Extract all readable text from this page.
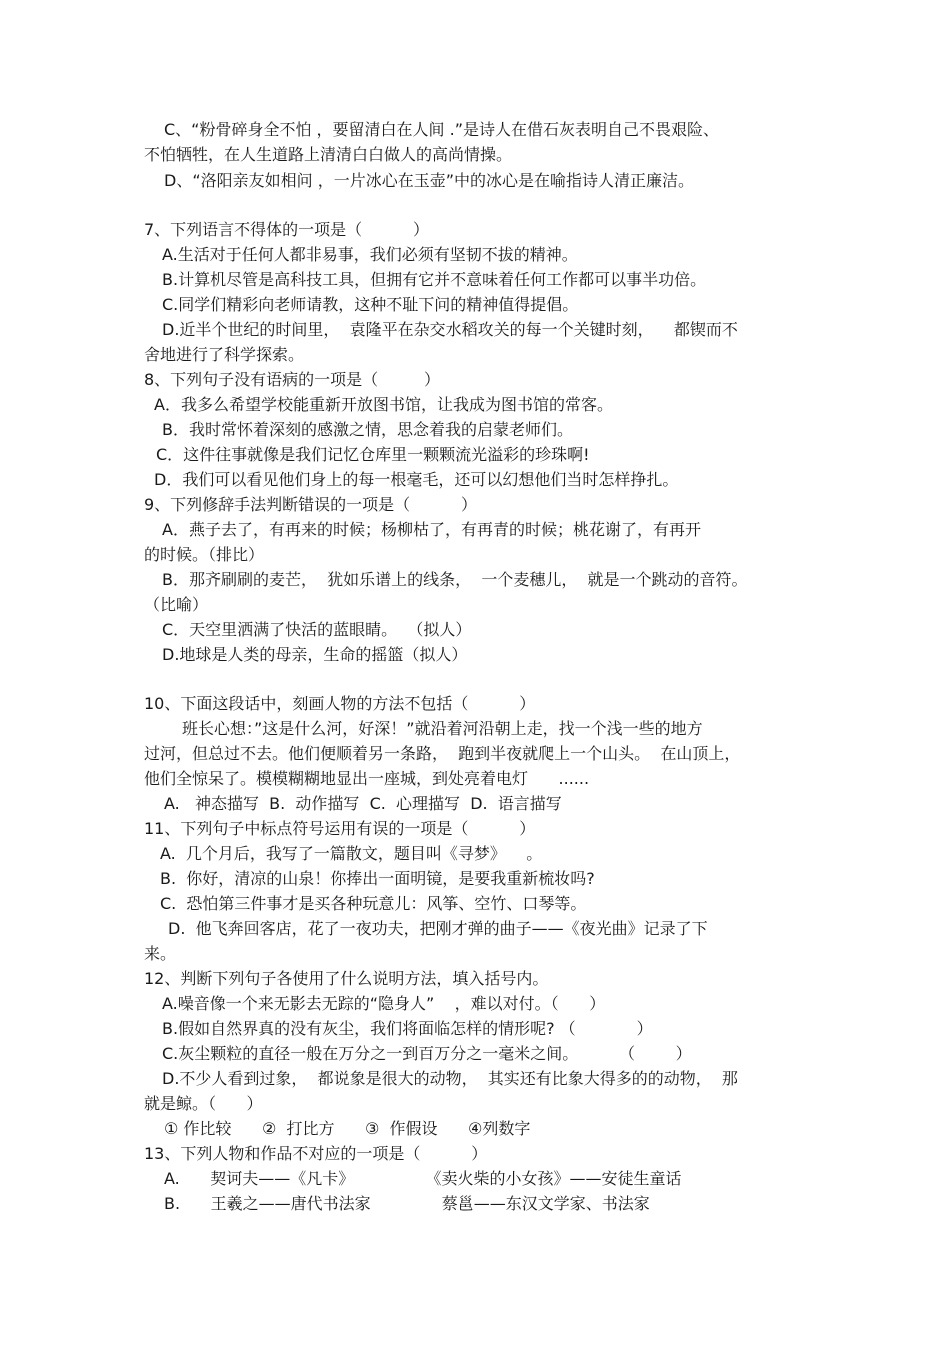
C、“粉骨碎身全不怕 ，要留清白在人间 .”是诗人在借石灰表明自己不畏艰险、
不怕牺牲，在人生道路上清清白白做人的高尚情操。
D、“洛阳亲友如相问 ，一片冰心在玉壶”中的冰心是在喻指诗人清正廉洁。
7、下列语言不得体的一项是（          ）
A.生活对于任何人都非易事，我们必须有坚韧不拔的精神。
B.计算机尽管是高科技工具，但拥有它并不意味着任何工作都可以事半功倍。
C.同学们精彩向老师请教，这种不耻下问的精神值得提倡。
D.近半个世纪的时间里，  袁隆平在杂交水稻攻关的每一个关键时刻，    都锲而不
舍地进行了科学探索。
8、下列句子没有语病的一项是（         ）
A．我多么希望学校能重新开放图书馆，让我成为图书馆的常客。
B．我时常怀着深刻的感激之情，思念着我的启蒙老师们。
C．这件往事就像是我们记忆仓库里一颗颗流光溢彩的珍珠啊!
D．我们可以看见他们身上的每一根毫毛，还可以幻想他们当时怎样挣扎。
9、下列修辞手法判断错误的一项是（          ）
A．燕子去了，有再来的时候；杨柳枯了，有再青的时候；桃花谢了，有再开
的时候。（排比）
B．那齐刷刷的麦芒，  犹如乐谱上的线条，  一个麦穗儿，  就是一个跳动的音符。
（比喻）
C．天空里洒满了快活的蓝眼睛。  （拟人）
D.地球是人类的母亲，生命的摇篮（拟人）
10、下面这段话中，刻画人物的方法不包括（          ）
班长心想：”这是什么河，好深！”就沿着河沿朝上走，找一个浅一些的地方
过河，但总过不去。他们便顺着另一条路，  跑到半夜就爬上一个山头。  在山顶上，
他们全惊呆了。模模糊糊地显出一座城，到处亮着电灯      ......
A.   神态描写  B.  动作描写  C.  心理描写  D.  语言描写
11、下列句子中标点符号运用有误的一项是（          ）
A.  几个月后，我写了一篇散文，题目叫《寻梦》    。
B.  你好，清凉的山泉！你捧出一面明镜，是要我重新梳妆吗?
C.  恐怕第三件事才是买各种玩意儿：风筝、空竹、口琴等。
D.  他飞奔回客店，花了一夜功夫，把刚才弹的曲子——《夜光曲》记录了下
来。
12、判断下列句子各使用了什么说明方法，填入括号内。
A.噪音像一个来无影去无踪的“隐身人”    ，难以对付。（      ）
B.假如自然界真的没有灰尘，我们将面临怎样的情形呢? （            ）
C.灰尘颗粒的直径一般在万分之一到百万分之一毫米之间。        （        ）
D.不少人看到过象，  都说象是很大的动物，  其实还有比象大得多的的动物，  那
就是鲸。（      ）
① 作比较      ②  打比方      ③  作假设      ④列数字
13、下列人物和作品不对应的一项是（          ）
A.      契诃夫——《凡卡》              《卖火柴的小女孩》——安徒生童话
B.      王羲之——唐代书法家              蔡邕——东汉文学家、书法家
